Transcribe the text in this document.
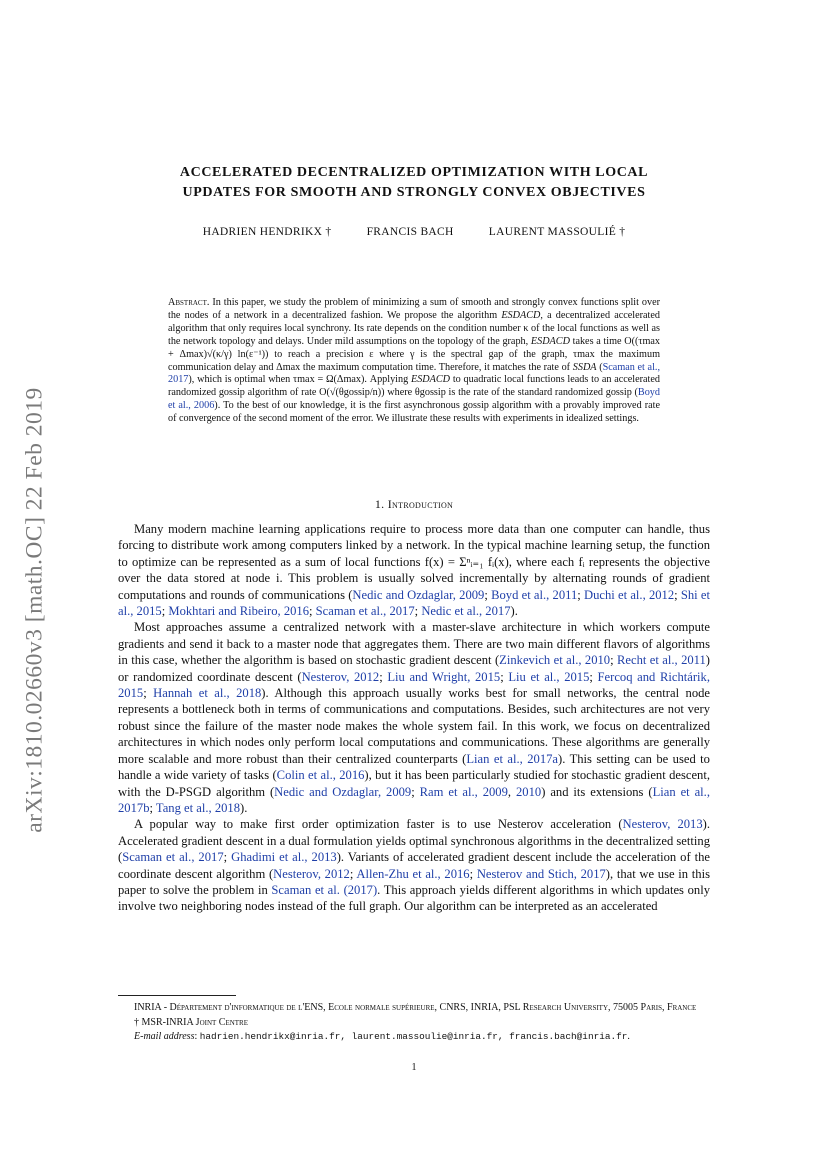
arXiv:1810.02660v3 [math.OC] 22 Feb 2019
ACCELERATED DECENTRALIZED OPTIMIZATION WITH LOCAL
UPDATES FOR SMOOTH AND STRONGLY CONVEX OBJECTIVES
HADRIEN HENDRIKX †	FRANCIS BACH	LAURENT MASSOULIÉ †
Abstract. In this paper, we study the problem of minimizing a sum of smooth and strongly convex functions split over the nodes of a network in a decentralized fashion. We propose the algorithm ESDACD, a decentralized accelerated algorithm that only requires local synchrony. Its rate depends on the condition number κ of the local functions as well as the network topology and delays. Under mild assumptions on the topology of the graph, ESDACD takes a time O((τmax + Δmax)√(κ/γ) ln(ε⁻¹)) to reach a precision ε where γ is the spectral gap of the graph, τmax the maximum communication delay and Δmax the maximum computation time. Therefore, it matches the rate of SSDA (Scaman et al., 2017), which is optimal when τmax = Ω(Δmax). Applying ESDACD to quadratic local functions leads to an accelerated randomized gossip algorithm of rate O(√(θgossip/n)) where θgossip is the rate of the standard randomized gossip (Boyd et al., 2006). To the best of our knowledge, it is the first asynchronous gossip algorithm with a provably improved rate of convergence of the second moment of the error. We illustrate these results with experiments in idealized settings.
1. Introduction

Many modern machine learning applications require to process more data than one computer can handle, thus forcing to distribute work among computers linked by a network. In the typical machine learning setup, the function to optimize can be represented as a sum of local functions f(x) = Σⁿᵢ₌₁ fᵢ(x), where each fᵢ represents the objective over the data stored at node i. This problem is usually solved incrementally by alternating rounds of gradient computations and rounds of communications (Nedic and Ozdaglar, 2009; Boyd et al., 2011; Duchi et al., 2012; Shi et al., 2015; Mokhtari and Ribeiro, 2016; Scaman et al., 2017; Nedic et al., 2017).

Most approaches assume a centralized network with a master-slave architecture in which workers compute gradients and send it back to a master node that aggregates them. There are two main different flavors of algorithms in this case, whether the algorithm is based on stochastic gradient descent (Zinkevich et al., 2010; Recht et al., 2011) or randomized coordinate descent (Nesterov, 2012; Liu and Wright, 2015; Liu et al., 2015; Fercoq and Richtárik, 2015; Hannah et al., 2018). Although this approach usually works best for small networks, the central node represents a bottleneck both in terms of communications and computations. Besides, such architectures are not very robust since the failure of the master node makes the whole system fail. In this work, we focus on decentralized architectures in which nodes only perform local computations and communications. These algorithms are generally more scalable and more robust than their centralized counterparts (Lian et al., 2017a). This setting can be used to handle a wide variety of tasks (Colin et al., 2016), but it has been particularly studied for stochastic gradient descent, with the D-PSGD algorithm (Nedic and Ozdaglar, 2009; Ram et al., 2009, 2010) and its extensions (Lian et al., 2017b; Tang et al., 2018).

A popular way to make first order optimization faster is to use Nesterov acceleration (Nesterov, 2013). Accelerated gradient descent in a dual formulation yields optimal synchronous algorithms in the decentralized setting (Scaman et al., 2017; Ghadimi et al., 2013). Variants of accelerated gradient descent include the acceleration of the coordinate descent algorithm (Nesterov, 2012; Allen-Zhu et al., 2016; Nesterov and Stich, 2017), that we use in this paper to solve the problem in Scaman et al. (2017). This approach yields different algorithms in which updates only involve two neighboring nodes instead of the full graph. Our algorithm can be interpreted as an accelerated

INRIA - Département d'informatique de l'ENS, Ecole normale supérieure, CNRS, INRIA, PSL Research University, 75005 Paris, France
† MSR-INRIA Joint Centre
E-mail address: hadrien.hendrikx@inria.fr, laurent.massoulie@inria.fr, francis.bach@inria.fr.
1
